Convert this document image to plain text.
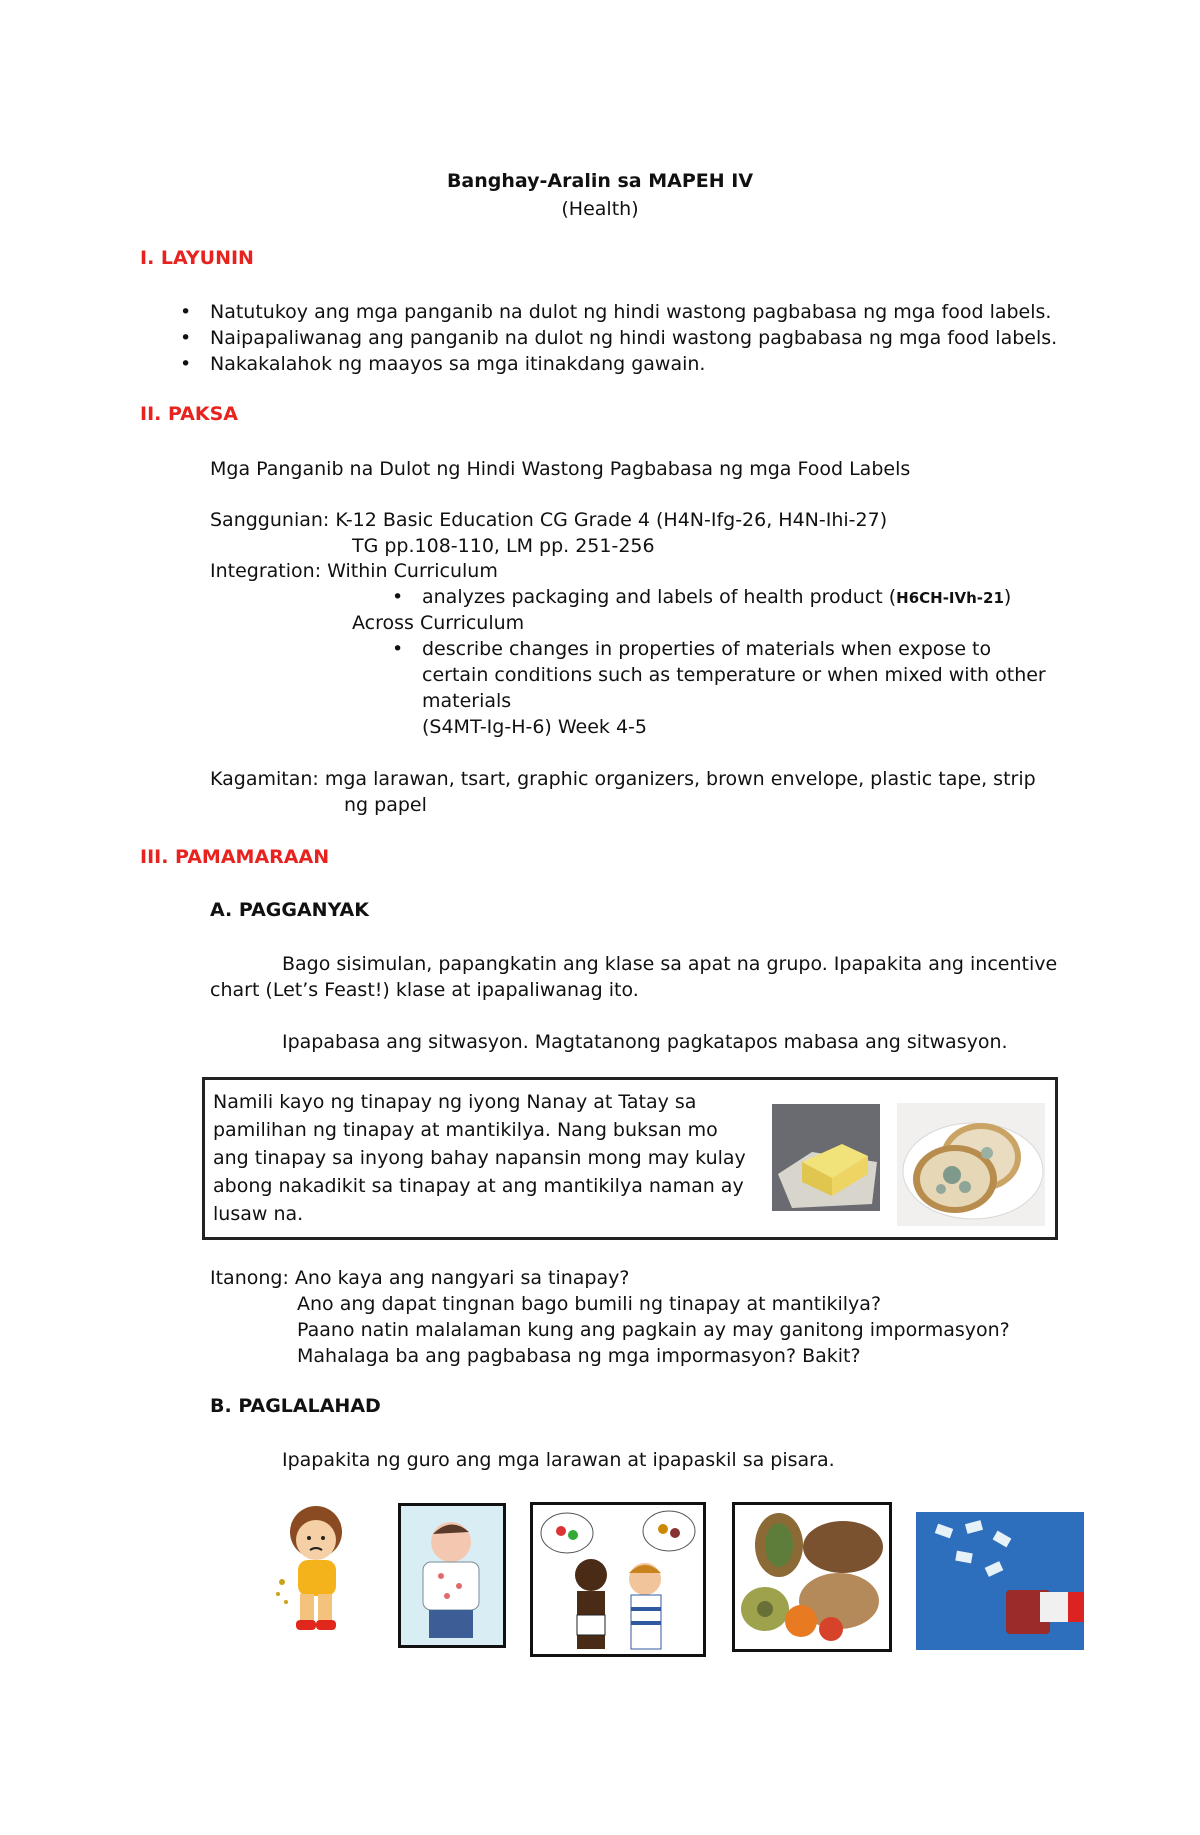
Banghay-Aralin sa MAPEH IV
(Health)
I. LAYUNIN
• Natutukoy ang mga panganib na dulot ng hindi wastong pagbabasa ng mga food labels.
• Naipapaliwanag ang panganib na dulot ng hindi wastong pagbabasa ng mga food labels.
• Nakakalahok ng maayos sa mga itinakdang gawain.
II. PAKSA
Mga Panganib na Dulot ng Hindi Wastong Pagbabasa ng mga Food Labels
Sanggunian: K-12 Basic Education CG Grade 4 (H4N-Ifg-26, H4N-Ihi-27)
TG pp.108-110, LM pp. 251-256
Integration: Within Curriculum
• analyzes packaging and labels of health product (H6CH-IVh-21)
Across Curriculum
• describe changes in properties of materials when expose to
certain conditions such as temperature or when mixed with other
materials
(S4MT-Ig-H-6) Week 4-5
Kagamitan: mga larawan, tsart, graphic organizers, brown envelope, plastic tape, strip
ng papel
III. PAMAMARAAN
A. PAGGANYAK
Bago sisimulan, papangkatin ang klase sa apat na grupo. Ipapakita ang incentive
chart (Let’s Feast!) klase at ipapaliwanag ito.
Ipapabasa ang sitwasyon. Magtatanong pagkatapos mabasa ang sitwasyon.
Namili kayo ng tinapay ng iyong Nanay at Tatay sa pamilihan ng tinapay at mantikilya. Nang buksan mo ang tinapay sa inyong bahay napansin mong may kulay abong nakadikit sa tinapay at ang mantikilya naman ay lusaw na.
Itanong: Ano kaya ang nangyari sa tinapay?
Ano ang dapat tingnan bago bumili ng tinapay at mantikilya?
Paano natin malalaman kung ang pagkain ay may ganitong impormasyon?
Mahalaga ba ang pagbabasa ng mga impormasyon? Bakit?
B. PAGLALAHAD
Ipapakita ng guro ang mga larawan at ipapaskil sa pisara.
